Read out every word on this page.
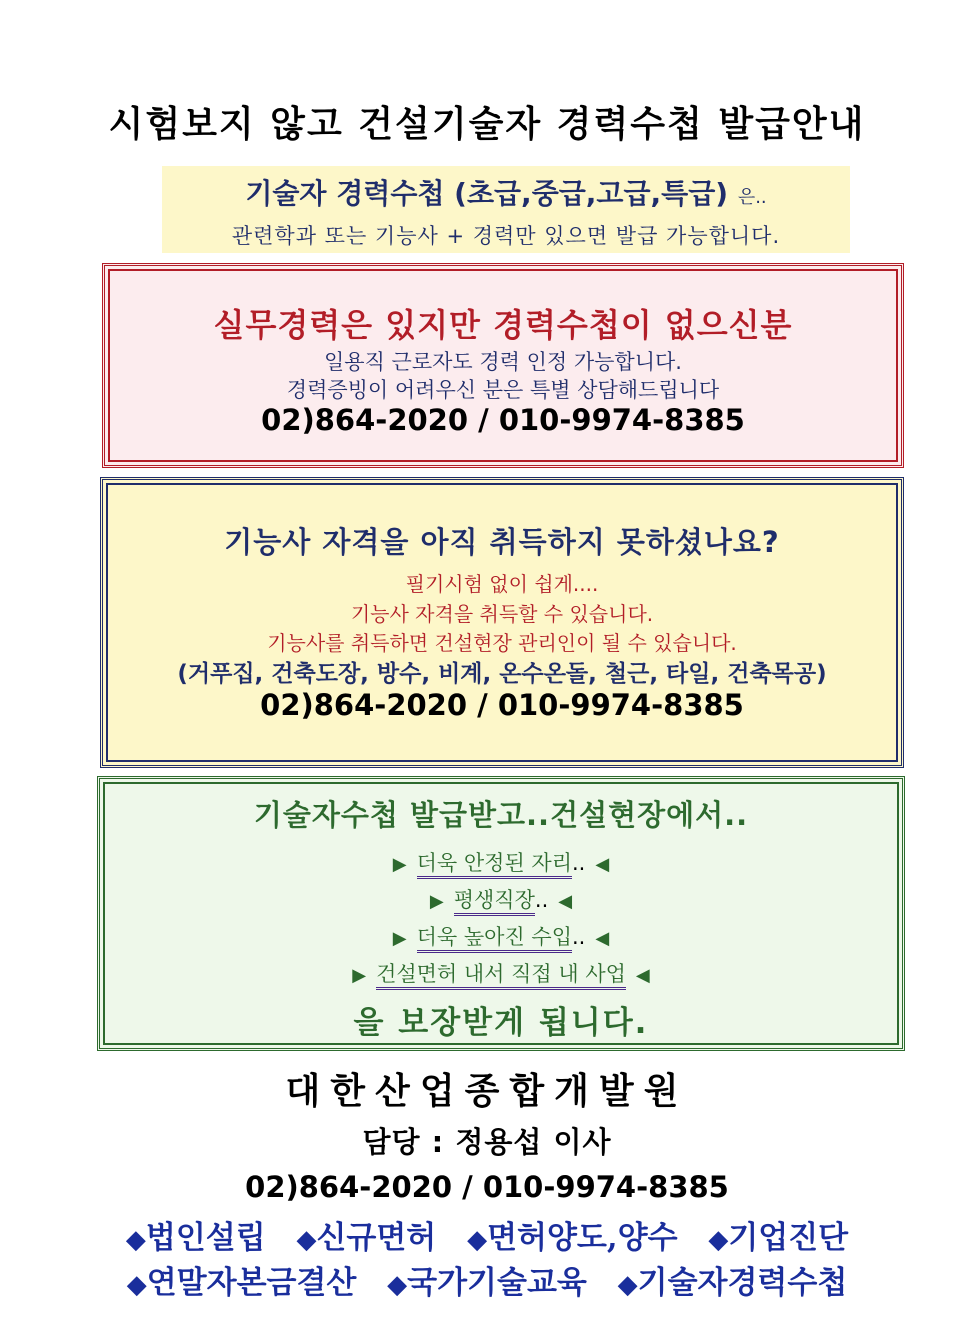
시험보지 않고 건설기술자 경력수첩 발급안내
기술자 경력수첩 (초급,중급,고급,특급) 은..
관련학과 또는 기능사 + 경력만 있으면 발급 가능합니다.
실무경력은 있지만 경력수첩이 없으신분
일용직 근로자도 경력 인정 가능합니다.
경력증빙이 어려우신 분은 특별 상담해드립니다
02)864-2020 / 010-9974-8385
기능사 자격을 아직 취득하지 못하셨나요?
필기시험 없이 쉽게....
기능사 자격을 취득할 수 있습니다.
기능사를 취득하면 건설현장 관리인이 될 수 있습니다.
(거푸집, 건축도장, 방수, 비계, 온수온돌, 철근, 타일, 건축목공)
02)864-2020 / 010-9974-8385
기술자수첩 발급받고..건설현장에서..
▶ 더욱 안정된 자리.. ◀
▶ 평생직장.. ◀
▶ 더욱 높아진 수입.. ◀
▶ 건설면허 내서 직접 내 사업 ◀
을 보장받게 됩니다.
대한산업종합개발원
담당 : 정용섭 이사
02)864-2020 / 010-9974-8385
◆법인설립 ◆신규면허 ◆면허양도,양수 ◆기업진단
◆연말자본금결산 ◆국가기술교육 ◆기술자경력수첩
